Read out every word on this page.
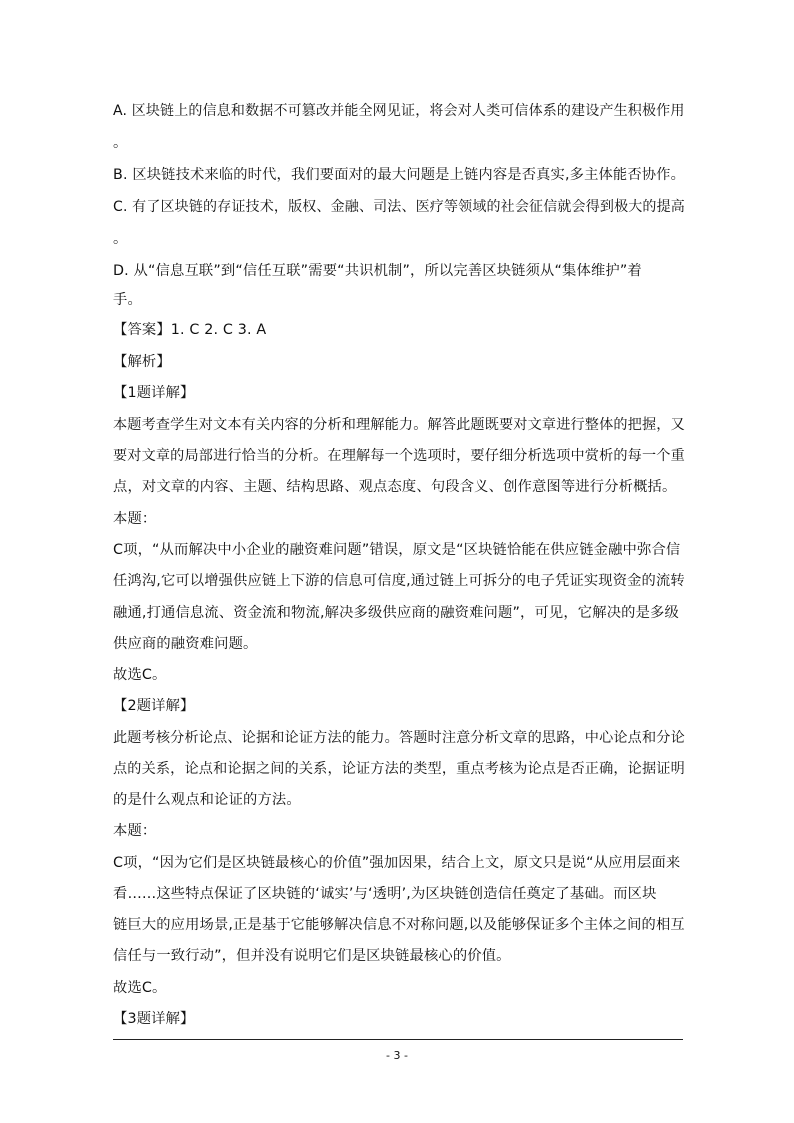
A. 区块链上的信息和数据不可篡改并能全网见证，将会对人类可信体系的建设产生积极作用
。
B. 区块链技术来临的时代，我们要面对的最大问题是上链内容是否真实,多主体能否协作。
C. 有了区块链的存证技术，版权、金融、司法、医疗等领域的社会征信就会得到极大的提高
。
D. 从“信息互联”到“信任互联”需要“共识机制”，所以完善区块链须从“集体维护”着
手。
【答案】1. C 2. C 3. A
【解析】
【1题详解】
本题考查学生对文本有关内容的分析和理解能力。解答此题既要对文章进行整体的把握，又
要对文章的局部进行恰当的分析。在理解每一个选项时，要仔细分析选项中赏析的每一个重
点，对文章的内容、主题、结构思路、观点态度、句段含义、创作意图等进行分析概括。
本题：
C项，“从而解决中小企业的融资难问题”错误，原文是“区块链恰能在供应链金融中弥合信
任鸿沟,它可以增强供应链上下游的信息可信度,通过链上可拆分的电子凭证实现资金的流转
融通,打通信息流、资金流和物流,解决多级供应商的融资难问题”，可见，它解决的是多级
供应商的融资难问题。
故选C。
【2题详解】
此题考核分析论点、论据和论证方法的能力。答题时注意分析文章的思路，中心论点和分论
点的关系，论点和论据之间的关系，论证方法的类型，重点考核为论点是否正确，论据证明
的是什么观点和论证的方法。
本题：
C项，“因为它们是区块链最核心的价值”强加因果，结合上文，原文只是说“从应用层面来
看……这些特点保证了区块链的‘诚实’与‘透明’,为区块链创造信任奠定了基础。而区块
链巨大的应用场景,正是基于它能够解决信息不对称问题,以及能够保证多个主体之间的相互
信任与一致行动”，但并没有说明它们是区块链最核心的价值。
故选C。
【3题详解】
- 3 -
